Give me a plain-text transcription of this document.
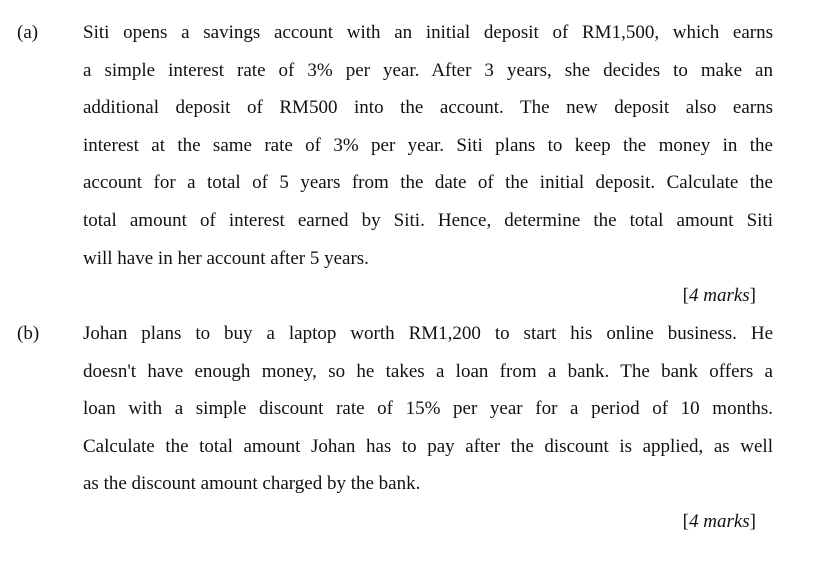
(a) Siti opens a savings account with an initial deposit of RM1,500, which earns
a simple interest rate of 3% per year. After 3 years, she decides to make an
additional deposit of RM500 into the account. The new deposit also earns
interest at the same rate of 3% per year. Siti plans to keep the money in the
account for a total of 5 years from the date of the initial deposit. Calculate the
total amount of interest earned by Siti. Hence, determine the total amount Siti
will have in her account after 5 years.
[4 marks]
(b) Johan plans to buy a laptop worth RM1,200 to start his online business. He
doesn't have enough money, so he takes a loan from a bank. The bank offers a
loan with a simple discount rate of 15% per year for a period of 10 months.
Calculate the total amount Johan has to pay after the discount is applied, as well
as the discount amount charged by the bank.
[4 marks]
